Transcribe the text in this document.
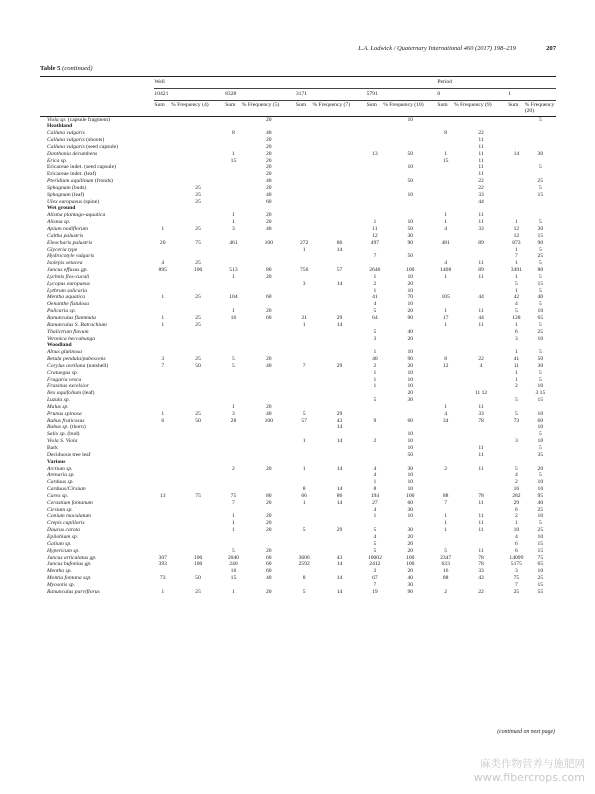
L.A. Lodwick / Quaternary International 460 (2017) 198–219	207
Table 5 (continued)
	Well								Period			
	10421		8328		3171		5791		0		1	
	Sum	% Frequency (4)	Sum	% Frequency (5)	Sum	% Frequency (7)	Sum	% Frequency (10)	Sum	% Frequency (9)	Sum	% Frequency (20)
Viola sp. (capsule fragment)				20				10				5
Heathland												
Calluna vulgaris			8	40					8	22		
Calluna vulgaris (shoots)				20						11		
Calluna vulgaris (seed capsule)				20						11		
Danthonia decumbens			1	20			13	50	1	11	14	30
Erica sp.			15	20					15	11		
Ericaceae indet. (seed capsule)				20				10		11		5
Ericaceae indet. (leaf)				20						11		
Pteridium aquilinum (fronds)				40				50		22		25
Sphagnum (buds)		25		20						22		5
Sphagnum (leaf)		25		40				10		33		15
Ulex europaeus (spine)		25		60						44		
Wet ground												
Alisma plantago-aquatica			1	20					1	11		
Alisma sp.			1	20			1	10	1	11	1	5
Apium nodiflorum	1	25	3	40			11	50	4	33	12	30
Caltha palustris							12	30			12	15
Eleocharis palustris	20	75	461	100	272	86	497	90	481	89	873	90
Glyceria type					1	14					1	5
Hydrocotyle vulgaris							7	50			7	25
Isolepis setacea	4	25							4	11	1	5
Juncus effusus gp.	895	100	513	80	756	57	2646	100	1408	89	3491	80
Lychnis flos-cuculi			1	20			1	10	1	11	1	5
Lycopus europaeus					3	14	2	20			5	15
Lythrum salicaria							1	10			1	5
Mentha aquatica	1	25	104	60			41	70	105	44	42	40
Oenanthe fistulosa							4	10			4	5
Pulicaria sp.			1	20			5	20	1	11	5	10
Ranunculus flammula	1	25	16	60	21	29	64	90	17	44	128	65
Ranunculus S. Batrachium	1	25			1	14			1	11	1	5
Thalictrum flavum							5	40			6	25
Veronica beccabunga							3	20			3	10
Woodland												
Alnus glutinosa							1	10			1	5
Betula pendula/pubescens	3	25	5	20			40	90	8	22	41	50
Corylus avellana (nutshell)	7	50	5	40	7	29	2	20	12	4	11	30
Crataegus sp.							1	10			1	5
Fragaria vesca							1	10			1	5
Fraxinus excelsior							1	10			2	10
Ilex aquifolium (leaf)								20		11 12		3 15
Luzula sp.							5	30			5	15
Malus sp.			1	20					1	11		
Prunus spinosa	1	25	3	40	5	29			4	33	5	10
Rubus fruticosus	6	50	28	100	57	43	9	60	34	78	73	60
Rubus sp. (thorn)						14						10
Salix sp. (bud)								10				5
Viola S. Viola					1	14	2	10			3	10
Bark								10		11		5
Deciduous tree leaf								50		11		35
Various												
Arctium sp.			2	20	1	14	4	30	2	11	5	20
Arenaria sp.							4	10			4	5
Carduus sp.							1	10			2	10
Carduus/Cirsium					8	14	8	10			16	10
Carex sp.	13	75	75	80	66	86	194	100	88	78	282	95
Cerastium fontanum			7	20	1	14	27	60	7	11	29	40
Cirsium sp.							4	30			6	25
Conium maculatum			1	20			1	10	1	11	2	10
Crepis capillaris			1	20					1	11	1	5
Daucus carota			1	20	5	29	5	30	1	11	10	25
Epilobium sp.							4	20			4	10
Galium sp.							5	20			6	15
Hypericum sp.			5	20			5	20	5	11	6	15
Juncus articulatus gp.	307	100	2040	60	3606	43	10002	100	2347	78	14099	75
Juncus bufonius gp.	393	100	240	60	2592	14	2412	100	633	78	5175	65
Mentha sp.			16	60			3	20	16	33	3	10
Montia fontana ssp.	73	50	15	40	8	14	67	40	88	43	75	25
Myosotis sp.							7	30			7	15
Ranunculus parviflorus	1	25	1	20	5	14	19	90	2	22	25	55
(continued on next page)
麻类作物营养与施肥网
www.fibercrops.com
